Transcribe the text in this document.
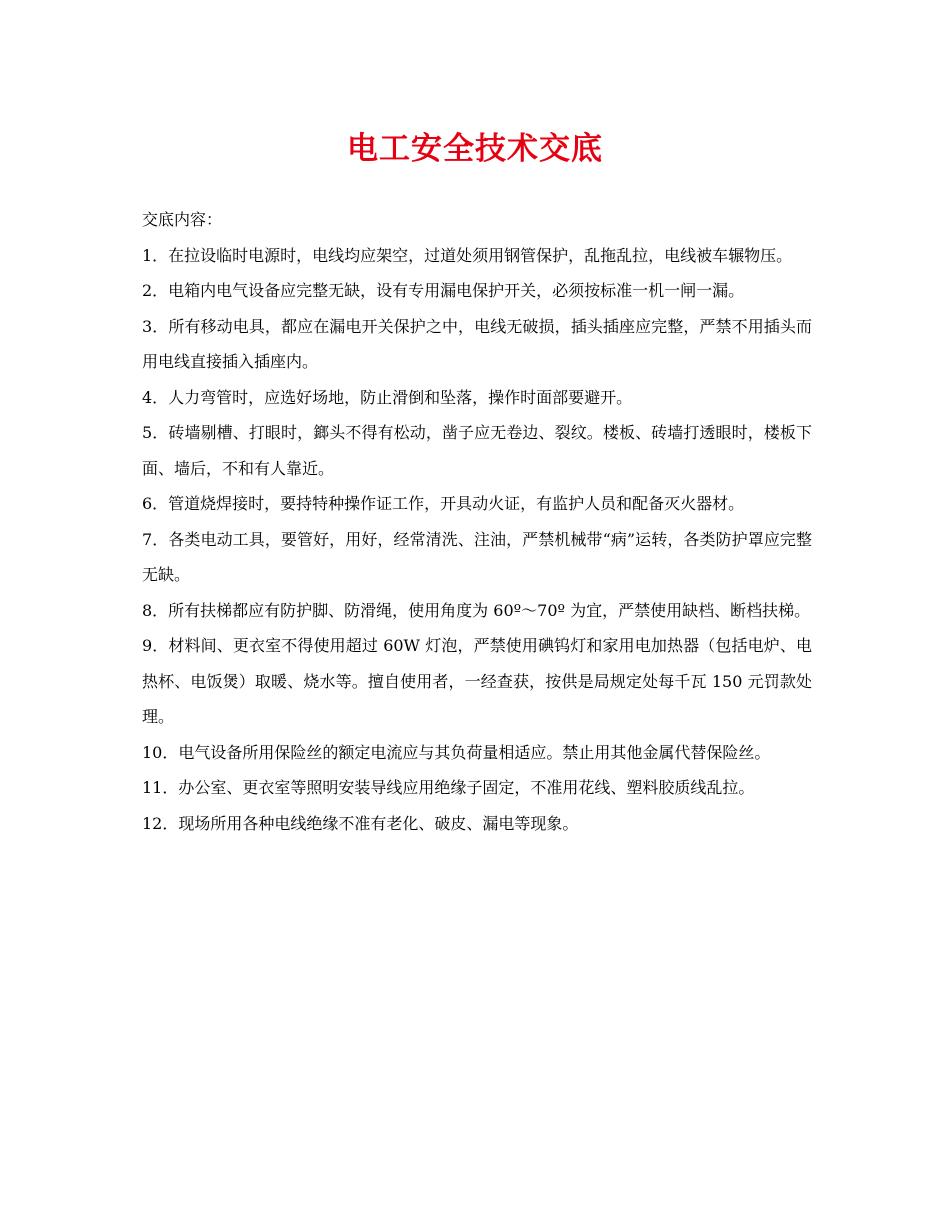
电工安全技术交底

交底内容：

1．在拉设临时电源时，电线均应架空，过道处须用钢管保护，乱拖乱拉，电线被车辗物压。

2．电箱内电气设备应完整无缺，设有专用漏电保护开关，必须按标准一机一闸一漏。

3．所有移动电具，都应在漏电开关保护之中，电线无破损，插头插座应完整，严禁不用插头而用电线直接插入插座内。

4．人力弯管时，应选好场地，防止滑倒和坠落，操作时面部要避开。

5．砖墙剔槽、打眼时，鎯头不得有松动，凿子应无卷边、裂纹。楼板、砖墙打透眼时，楼板下面、墙后，不和有人靠近。

6．管道烧焊接时，要持特种操作证工作，开具动火证，有监护人员和配备灭火器材。

7．各类电动工具，要管好，用好，经常清洗、注油，严禁机械带“病”运转，各类防护罩应完整无缺。

8．所有扶梯都应有防护脚、防滑绳，使用角度为 60º～70º 为宜，严禁使用缺档、断档扶梯。

9．材料间、更衣室不得使用超过 60W 灯泡，严禁使用碘钨灯和家用电加热器（包括电炉、电热杯、电饭煲）取暖、烧水等。擅自使用者，一经查获，按供是局规定处每千瓦 150 元罚款处理。

10．电气设备所用保险丝的额定电流应与其负荷量相适应。禁止用其他金属代替保险丝。

11．办公室、更衣室等照明安装导线应用绝缘子固定，不准用花线、塑料胶质线乱拉。

12．现场所用各种电线绝缘不准有老化、破皮、漏电等现象。
